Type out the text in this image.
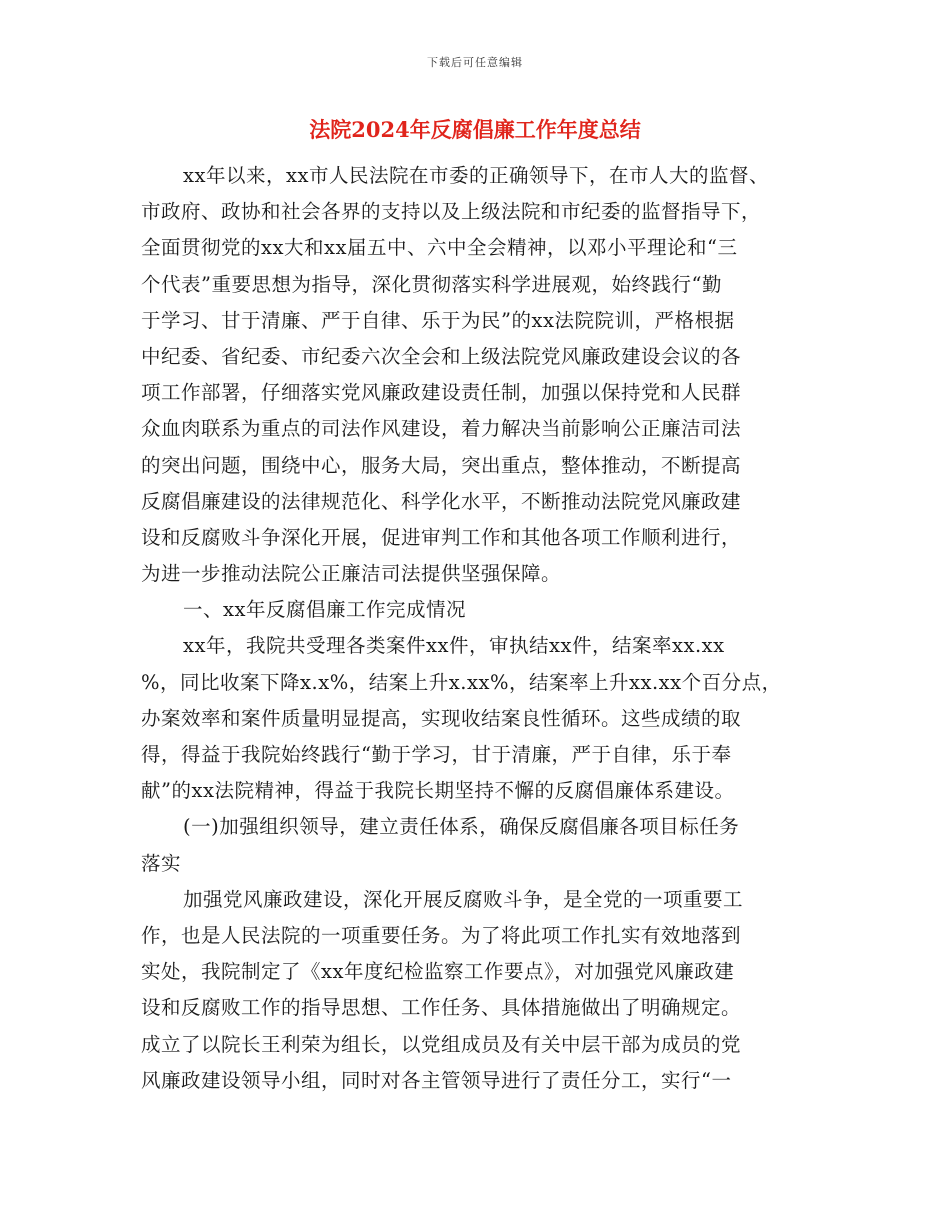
下载后可任意编辑
法院2024年反腐倡廉工作年度总结
xx年以来，xx市人民法院在市委的正确领导下，在市人大的监督、
市政府、政协和社会各界的支持以及上级法院和市纪委的监督指导下，
全面贯彻党的xx大和xx届五中、六中全会精神，以邓小平理论和“三
个代表”重要思想为指导，深化贯彻落实科学进展观，始终践行“勤
于学习、甘于清廉、严于自律、乐于为民”的xx法院院训，严格根据
中纪委、省纪委、市纪委六次全会和上级法院党风廉政建设会议的各
项工作部署，仔细落实党风廉政建设责任制，加强以保持党和人民群
众血肉联系为重点的司法作风建设，着力解决当前影响公正廉洁司法
的突出问题，围绕中心，服务大局，突出重点，整体推动，不断提高
反腐倡廉建设的法律规范化、科学化水平，不断推动法院党风廉政建
设和反腐败斗争深化开展，促进审判工作和其他各项工作顺利进行，
为进一步推动法院公正廉洁司法提供坚强保障。
一、xx年反腐倡廉工作完成情况
xx年，我院共受理各类案件xx件，审执结xx件，结案率xx.xx
%，同比收案下降x.x%，结案上升x.xx%，结案率上升xx.xx个百分点，
办案效率和案件质量明显提高，实现收结案良性循环。这些成绩的取
得，得益于我院始终践行“勤于学习，甘于清廉，严于自律，乐于奉
献”的xx法院精神，得益于我院长期坚持不懈的反腐倡廉体系建设。
(一)加强组织领导，建立责任体系，确保反腐倡廉各项目标任务
落实
加强党风廉政建设，深化开展反腐败斗争，是全党的一项重要工
作，也是人民法院的一项重要任务。为了将此项工作扎实有效地落到
实处，我院制定了《xx年度纪检监察工作要点》，对加强党风廉政建
设和反腐败工作的指导思想、工作任务、具体措施做出了明确规定。
成立了以院长王利荣为组长，以党组成员及有关中层干部为成员的党
风廉政建设领导小组，同时对各主管领导进行了责任分工，实行“一
